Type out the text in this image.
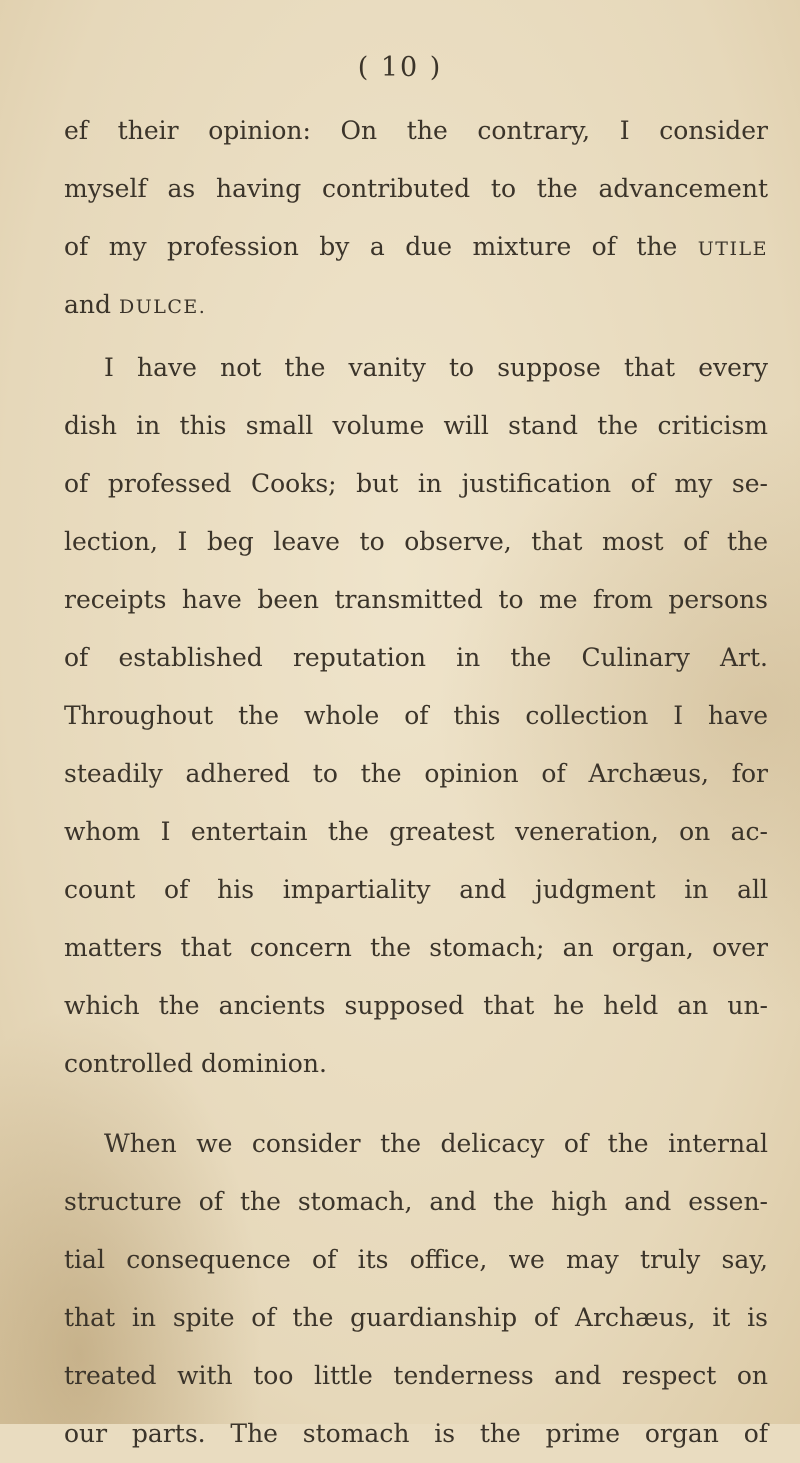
( 10 )
ef their opinion: On the contrary, I consider
myself as having contributed to the advancement
of my profession by a due mixture of the UTILE
and DULCE.
I have not the vanity to suppose that every
dish in this small volume will stand the criticism
of professed Cooks; but in justification of my se-
lection, I beg leave to observe, that most of the
receipts have been transmitted to me from persons
of established reputation in the Culinary Art.
Throughout the whole of this collection I have
steadily adhered to the opinion of Archæus, for
whom I entertain the greatest veneration, on ac-
count of his impartiality and judgment in all
matters that concern the stomach; an organ, over
which the ancients supposed that he held an un-
controlled dominion.
When we consider the delicacy of the internal
structure of the stomach, and the high and essen-
tial consequence of its office, we may truly say,
that in spite of the guardianship of Archæus, it is
treated with too little tenderness and respect on
our parts. The stomach is the prime organ of
